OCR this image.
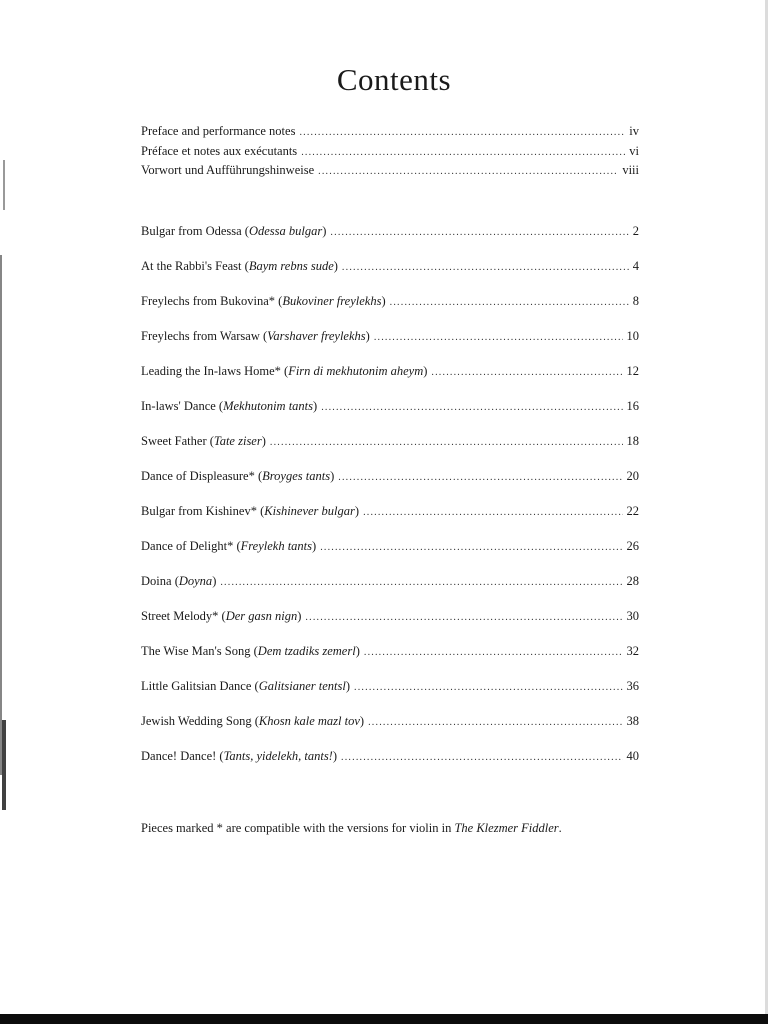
Contents
Preface and performance notes .....	iv
Préface et notes aux exécutants .....	vi
Vorwort und Aufführungshinweise .....	viii
Bulgar from Odessa (Odessa bulgar) .....	2
At the Rabbi's Feast (Baym rebns sude) .....	4
Freylechs from Bukovina* (Bukoviner freylekhs) .....	8
Freylechs from Warsaw (Varshaver freylekhs) .....	10
Leading the In-laws Home* (Firn di mekhutonim aheym) .....	12
In-laws' Dance (Mekhutonim tants) .....	16
Sweet Father (Tate ziser) .....	18
Dance of Displeasure* (Broyges tants) .....	20
Bulgar from Kishinev* (Kishinever bulgar) .....	22
Dance of Delight* (Freylekh tants) .....	26
Doina (Doyna) .....	28
Street Melody* (Der gasn nign) .....	30
The Wise Man's Song (Dem tzadiks zemerl) .....	32
Little Galitsian Dance (Galitsianer tentsl) .....	36
Jewish Wedding Song (Khosn kale mazl tov) .....	38
Dance! Dance! (Tants, yidelekh, tants!) .....	40
Pieces marked * are compatible with the versions for violin in The Klezmer Fiddler.
